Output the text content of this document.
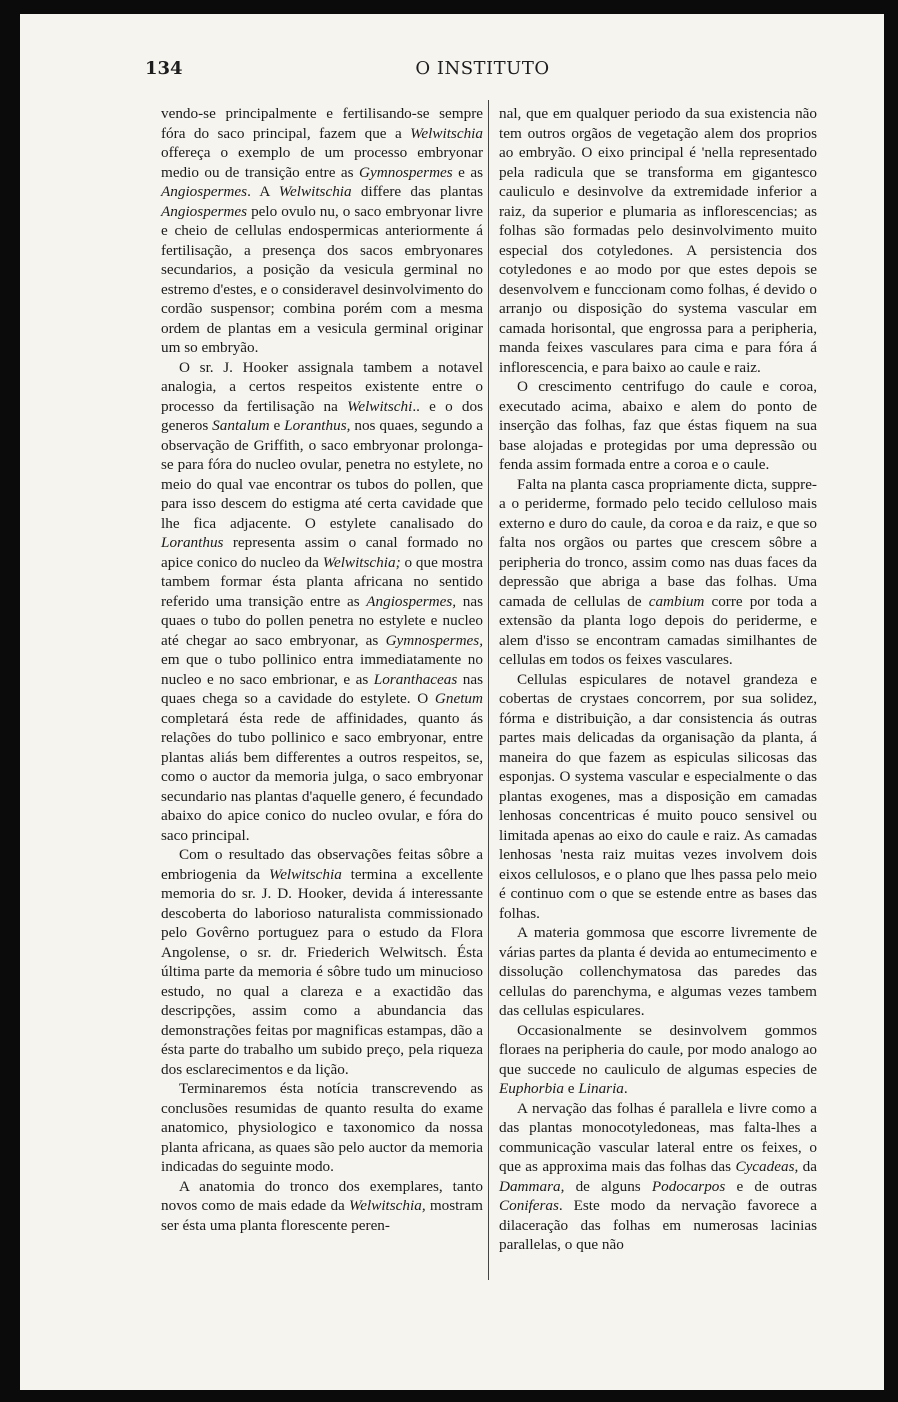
134	O INSTITUTO

vendo-se principalmente e fertilisando-se sempre fóra do saco principal, fazem que a Welwitschia offereça o exemplo de um processo embryonar medio ou de transição entre as Gymnospermes e as Angiospermes. A Welwitschia differe das plantas Angiospermes pelo ovulo nu, o saco embryonar livre e cheio de cellulas endospermicas anteriormente á fertilisação, a presença dos sacos embryonares secundarios, a posição da vesicula germinal no estremo d'estes, e o consideravel desinvolvimento do cordão suspensor; combina porém com a mesma ordem de plantas em a vesicula germinal originar um so embryão.

O sr. J. Hooker assignala tambem a notavel analogia, a certos respeitos existente entre o processo da fertilisação na Welwitschi.. e o dos generos Santalum e Loranthus, nos quaes, segundo a observação de Griffith, o saco embryonar prolonga-se para fóra do nucleo ovular, penetra no estylete, no meio do qual vae encontrar os tubos do pollen, que para isso descem do estigma até certa cavidade que lhe fica adjacente. O estylete canalisado do Loranthus representa assim o canal formado no apice conico do nucleo da Welwitschia; o que mostra tambem formar ésta planta africana no sentido referido uma transição entre as Angiospermes, nas quaes o tubo do pollen penetra no estylete e nucleo até chegar ao saco embryonar, as Gymnospermes, em que o tubo pollinico entra immediatamente no nucleo e no saco embrionar, e as Loranthaceas nas quaes chega so a cavidade do estylete. O Gnetum completará ésta rede de affinidades, quanto ás relações do tubo pollinico e saco embryonar, entre plantas aliás bem differentes a outros respeitos, se, como o auctor da memoria julga, o saco embryonar secundario nas plantas d'aquelle genero, é fecundado abaixo do apice conico do nucleo ovular, e fóra do saco principal.

Com o resultado das observações feitas sôbre a embriogenia da Welwitschia termina a excellente memoria do sr. J. D. Hooker, devida á interessante descoberta do laborioso naturalista commissionado pelo Govêrno portuguez para o estudo da Flora Angolense, o sr. dr. Friederich Welwitsch. Ésta última parte da memoria é sôbre tudo um minucioso estudo, no qual a clareza e a exactidão das descripções, assim como a abundancia das demonstrações feitas por magnificas estampas, dão a ésta parte do trabalho um subido preço, pela riqueza dos esclarecimentos e da lição.

Terminaremos ésta notícia transcrevendo as conclusões resumidas de quanto resulta do exame anatomico, physiologico e taxonomico da nossa planta africana, as quaes são pelo auctor da memoria indicadas do seguinte modo.

A anatomia do tronco dos exemplares, tanto novos como de mais edade da Welwitschia, mostram ser ésta uma planta florescente peren-

nal, que em qualquer periodo da sua existencia não tem outros orgãos de vegetação alem dos proprios ao embryão. O eixo principal é 'nella representado pela radicula que se transforma em gigantesco cauliculo e desinvolve da extremidade inferior a raiz, da superior e plumaria as inflorescencias; as folhas são formadas pelo desinvolvimento muito especial dos cotyledones. A persistencia dos cotyledones e ao modo por que estes depois se desenvolvem e funccionam como folhas, é devido o arranjo ou disposição do systema vascular em camada horisontal, que engrossa para a peripheria, manda feixes vasculares para cima e para fóra á inflorescencia, e para baixo ao caule e raiz.

O crescimento centrifugo do caule e coroa, executado acima, abaixo e alem do ponto de inserção das folhas, faz que éstas fiquem na sua base alojadas e protegidas por uma depressão ou fenda assim formada entre a coroa e o caule.

Falta na planta casca propriamente dicta, suppre-a o periderme, formado pelo tecido celluloso mais externo e duro do caule, da coroa e da raiz, e que so falta nos orgãos ou partes que crescem sôbre a peripheria do tronco, assim como nas duas faces da depressão que abriga a base das folhas. Uma camada de cellulas de cambium corre por toda a extensão da planta logo depois do periderme, e alem d'isso se encontram camadas similhantes de cellulas em todos os feixes vasculares.

Cellulas espiculares de notavel grandeza e cobertas de crystaes concorrem, por sua solidez, fórma e distribuição, a dar consistencia ás outras partes mais delicadas da organisação da planta, á maneira do que fazem as espiculas silicosas das esponjas. O systema vascular e especialmente o das plantas exogenes, mas a disposição em camadas lenhosas concentricas é muito pouco sensivel ou limitada apenas ao eixo do caule e raiz. As camadas lenhosas 'nesta raiz muitas vezes involvem dois eixos cellulosos, e o plano que lhes passa pelo meio é continuo com o que se estende entre as bases das folhas.

A materia gommosa que escorre livremente de várias partes da planta é devida ao entumecimento e dissolução collenchymatosa das paredes das cellulas do parenchyma, e algumas vezes tambem das cellulas espiculares.

Occasionalmente se desinvolvem gommos floraes na peripheria do caule, por modo analogo ao que succede no cauliculo de algumas especies de Euphorbia e Linaria.

A nervação das folhas é parallela e livre como a das plantas monocotyledoneas, mas falta-lhes a communicação vascular lateral entre os feixes, o que as approxima mais das folhas das Cycadeas, da Dammara, de alguns Podocarpos e de outras Coniferas. Este modo da nervação favorece a dilaceração das folhas em numerosas lacinias parallelas, o que não
